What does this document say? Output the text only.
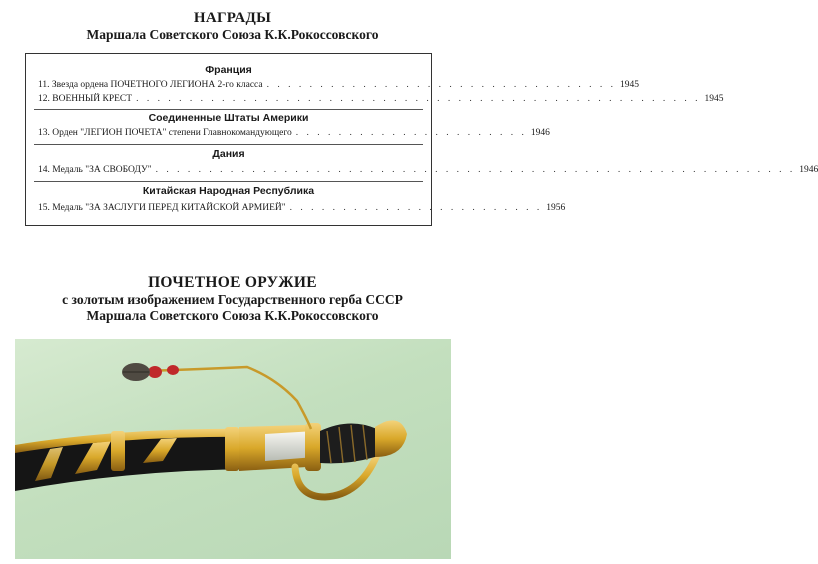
НАГРАДЫ
Маршала Советского Союза К.К.Рокоссовского
Франция
11. Звезда ордена ПОЧЕТНОГО ЛЕГИОНА 2-го класса . . . . . . . . . . . . . . . . . . . . . . . . . . . . . . . . . 1945
12. ВОЕННЫЙ КРЕСТ . . . . . . . . . . . . . . . . . . . . . . . . . . . . . . . . . . . . . . . . . . . . . . . . . . . . . 1945
Соединенные Штаты Америки
13. Орден "ЛЕГИОН ПОЧЕТА" степени Главнокомандующего . . . . . . . . . . . . . . . . . . . . . . 1946
Дания
14. Медаль "ЗА СВОБОДУ" . . . . . . . . . . . . . . . . . . . . . . . . . . . . . . . . . . . . . . . . . . . . . . . . . . . . . . . . . . . . 1946
Китайская Народная Республика
15. Медаль "ЗА ЗАСЛУГИ ПЕРЕД КИТАЙСКОЙ АРМИЕЙ" . . . . . . . . . . . . . . . . . . . . . . . . 1956
ПОЧЕТНОЕ ОРУЖИЕ
с золотым изображением Государственного герба СССР
Маршала Советского Союза К.К.Рокоссовского
